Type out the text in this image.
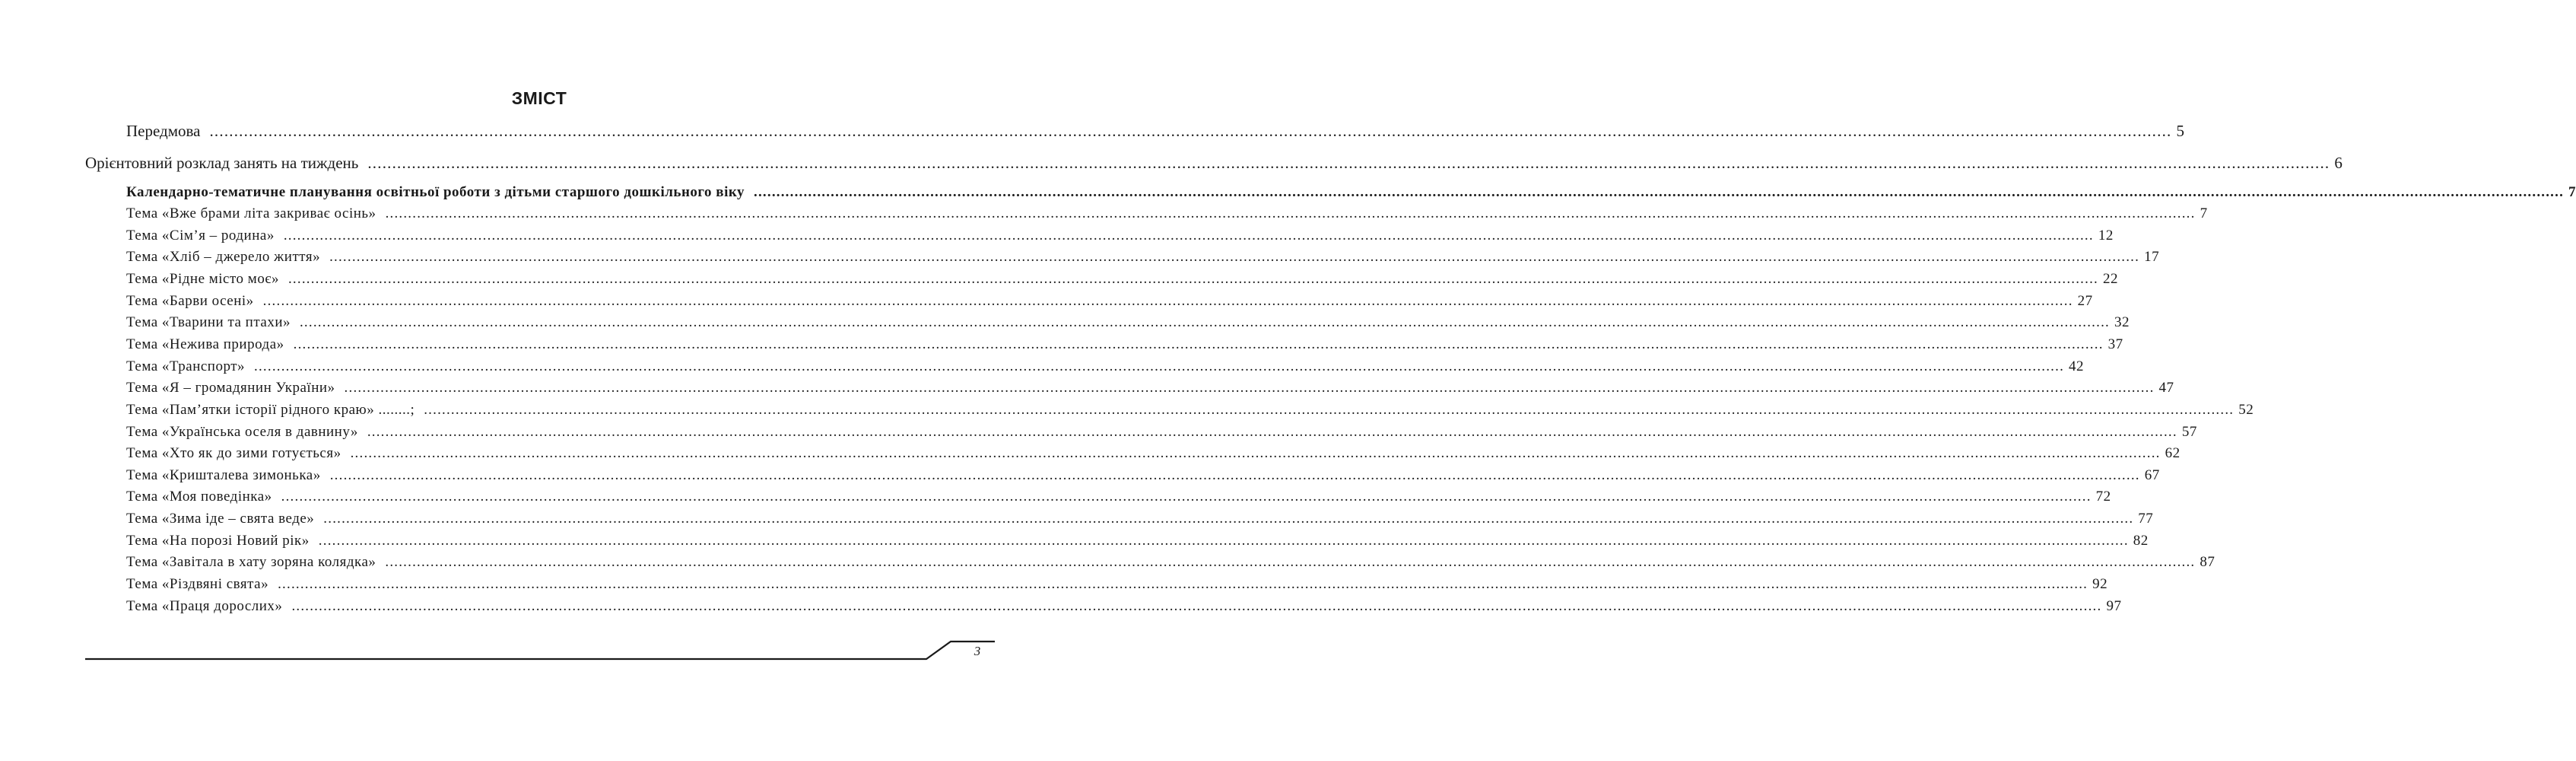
ЗМІСТ
Передмова ................................................................................................................................................................................................................................................................................................................................................................................................................ 5
Орієнтовний розклад занять на тиждень ................................................................................................................................................................................................................................................................................................................................................................................................................ 6
Календарно-тематичне планування освітньої роботи з дітьми старшого дошкільного віку ................................................................................................................................................................................................................................................................................................................................................................................................................ 7
Тема «Вже брами літа закриває осінь» ................................................................................................................................................................................................................................................................................................................................................................................................................ 7
Тема «Сім’я – родина» ................................................................................................................................................................................................................................................................................................................................................................................................................ 12
Тема «Хліб – джерело життя» ................................................................................................................................................................................................................................................................................................................................................................................................................ 17
Тема «Рідне місто моє» ................................................................................................................................................................................................................................................................................................................................................................................................................ 22
Тема «Барви осені» ................................................................................................................................................................................................................................................................................................................................................................................................................ 27
Тема «Тварини та птахи» ................................................................................................................................................................................................................................................................................................................................................................................................................ 32
Тема «Нежива природа» ................................................................................................................................................................................................................................................................................................................................................................................................................ 37
Тема «Транспорт» ................................................................................................................................................................................................................................................................................................................................................................................................................ 42
Тема «Я – громадянин України» ................................................................................................................................................................................................................................................................................................................................................................................................................ 47
Тема «Пам’ятки історії рідного краю» ........; ................................................................................................................................................................................................................................................................................................................................................................................................................ 52
Тема «Українська оселя в давнину» ................................................................................................................................................................................................................................................................................................................................................................................................................ 57
Тема «Хто як до зими готується» ................................................................................................................................................................................................................................................................................................................................................................................................................ 62
Тема «Кришталева зимонька» ................................................................................................................................................................................................................................................................................................................................................................................................................ 67
Тема «Моя поведінка» ................................................................................................................................................................................................................................................................................................................................................................................................................ 72
Тема «Зима іде – свята веде» ................................................................................................................................................................................................................................................................................................................................................................................................................ 77
Тема «На порозі Новий рік» ................................................................................................................................................................................................................................................................................................................................................................................................................ 82
Тема «Завітала в хату зоряна колядка» ................................................................................................................................................................................................................................................................................................................................................................................................................ 87
Тема «Різдвяні свята» ................................................................................................................................................................................................................................................................................................................................................................................................................ 92
Тема «Праця дорослих» ................................................................................................................................................................................................................................................................................................................................................................................................................ 97
3
